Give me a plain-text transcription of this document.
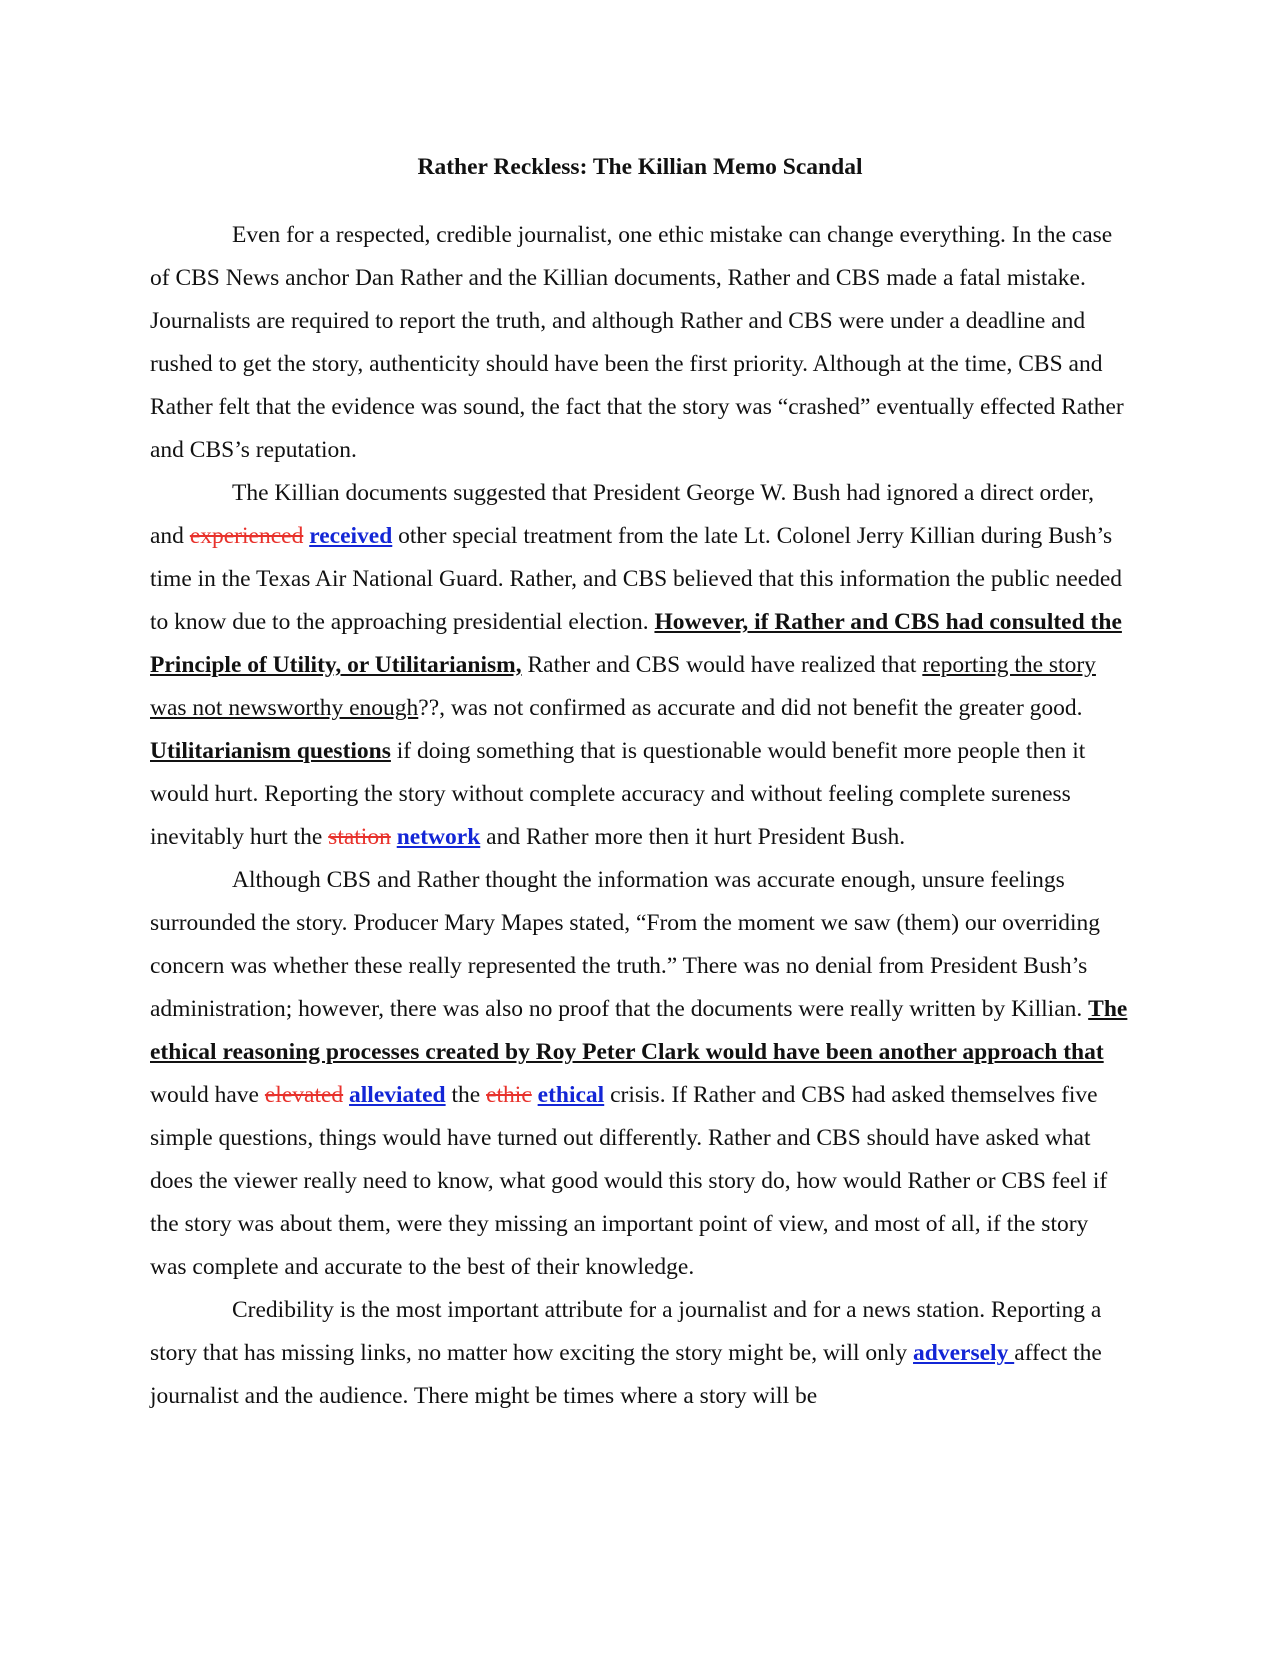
Rather Reckless: The Killian Memo Scandal

Even for a respected, credible journalist, one ethic mistake can change everything. In the case of CBS News anchor Dan Rather and the Killian documents, Rather and CBS made a fatal mistake. Journalists are required to report the truth, and although Rather and CBS were under a deadline and rushed to get the story, authenticity should have been the first priority. Although at the time, CBS and Rather felt that the evidence was sound, the fact that the story was “crashed” eventually effected Rather and CBS’s reputation.

The Killian documents suggested that President George W. Bush had ignored a direct order, and experienced received other special treatment from the late Lt. Colonel Jerry Killian during Bush’s time in the Texas Air National Guard. Rather, and CBS believed that this information the public needed to know due to the approaching presidential election. However, if Rather and CBS had consulted the Principle of Utility, or Utilitarianism, Rather and CBS would have realized that reporting the story was not newsworthy enough??, was not confirmed as accurate and did not benefit the greater good. Utilitarianism questions if doing something that is questionable would benefit more people then it would hurt. Reporting the story without complete accuracy and without feeling complete sureness inevitably hurt the station network and Rather more then it hurt President Bush.

Although CBS and Rather thought the information was accurate enough, unsure feelings surrounded the story. Producer Mary Mapes stated, “From the moment we saw (them) our overriding concern was whether these really represented the truth.” There was no denial from President Bush’s administration; however, there was also no proof that the documents were really written by Killian. The ethical reasoning processes created by Roy Peter Clark would have been another approach that would have elevated alleviated the ethic ethical crisis. If Rather and CBS had asked themselves five simple questions, things would have turned out differently. Rather and CBS should have asked what does the viewer really need to know, what good would this story do, how would Rather or CBS feel if the story was about them, were they missing an important point of view, and most of all, if the story was complete and accurate to the best of their knowledge.

Credibility is the most important attribute for a journalist and for a news station. Reporting a story that has missing links, no matter how exciting the story might be, will only adversely affect the journalist and the audience. There might be times where a story will be
